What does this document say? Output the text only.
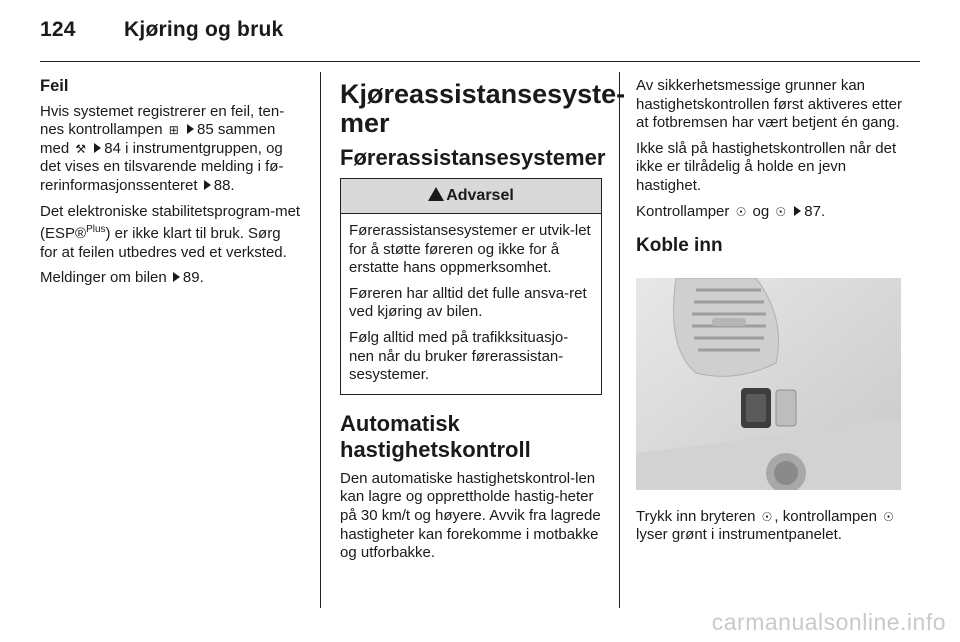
124 Kjøring og bruk

Feil

Hvis systemet registrerer en feil, ten-nes kontrollampen ⊞ 85 sammen med ⚒ 84 i instrumentgruppen, og det vises en tilsvarende melding i fø-rerinformasjonssenteret 88.

Det elektroniske stabilitetsprogram-met (ESP®$^{Plus}$) er ikke klart til bruk. Sørg for at feilen utbedres ved et verksted.

Meldinger om bilen 89.

Kjøreassistansesyste-mer

Førerassistansesystemer

Advarsel

Førerassistansesystemer er utvik-let for å støtte føreren og ikke for å erstatte hans oppmerksomhet.

Føreren har alltid det fulle ansva-ret ved kjøring av bilen.

Følg alltid med på trafikksituasjo-nen når du bruker førerassistan-sesystemer.

Automatisk hastighetskontroll

Den automatiske hastighetskontrol-len kan lagre og opprettholde hastig-heter på 30 km/t og høyere. Avvik fra lagrede hastigheter kan forekomme i motbakke og utforbakke.

Av sikkerhetsmessige grunner kan hastighetskontrollen først aktiveres etter at fotbremsen har vært betjent én gang.

Ikke slå på hastighetskontrollen når det ikke er tilrådelig å holde en jevn hastighet.

Kontrollamper ☉ og ☉ 87.

Koble inn

Trykk inn bryteren ☉ , kontrollampen ☉ lyser grønt i instrumentpanelet.

carmanualsonline.info
